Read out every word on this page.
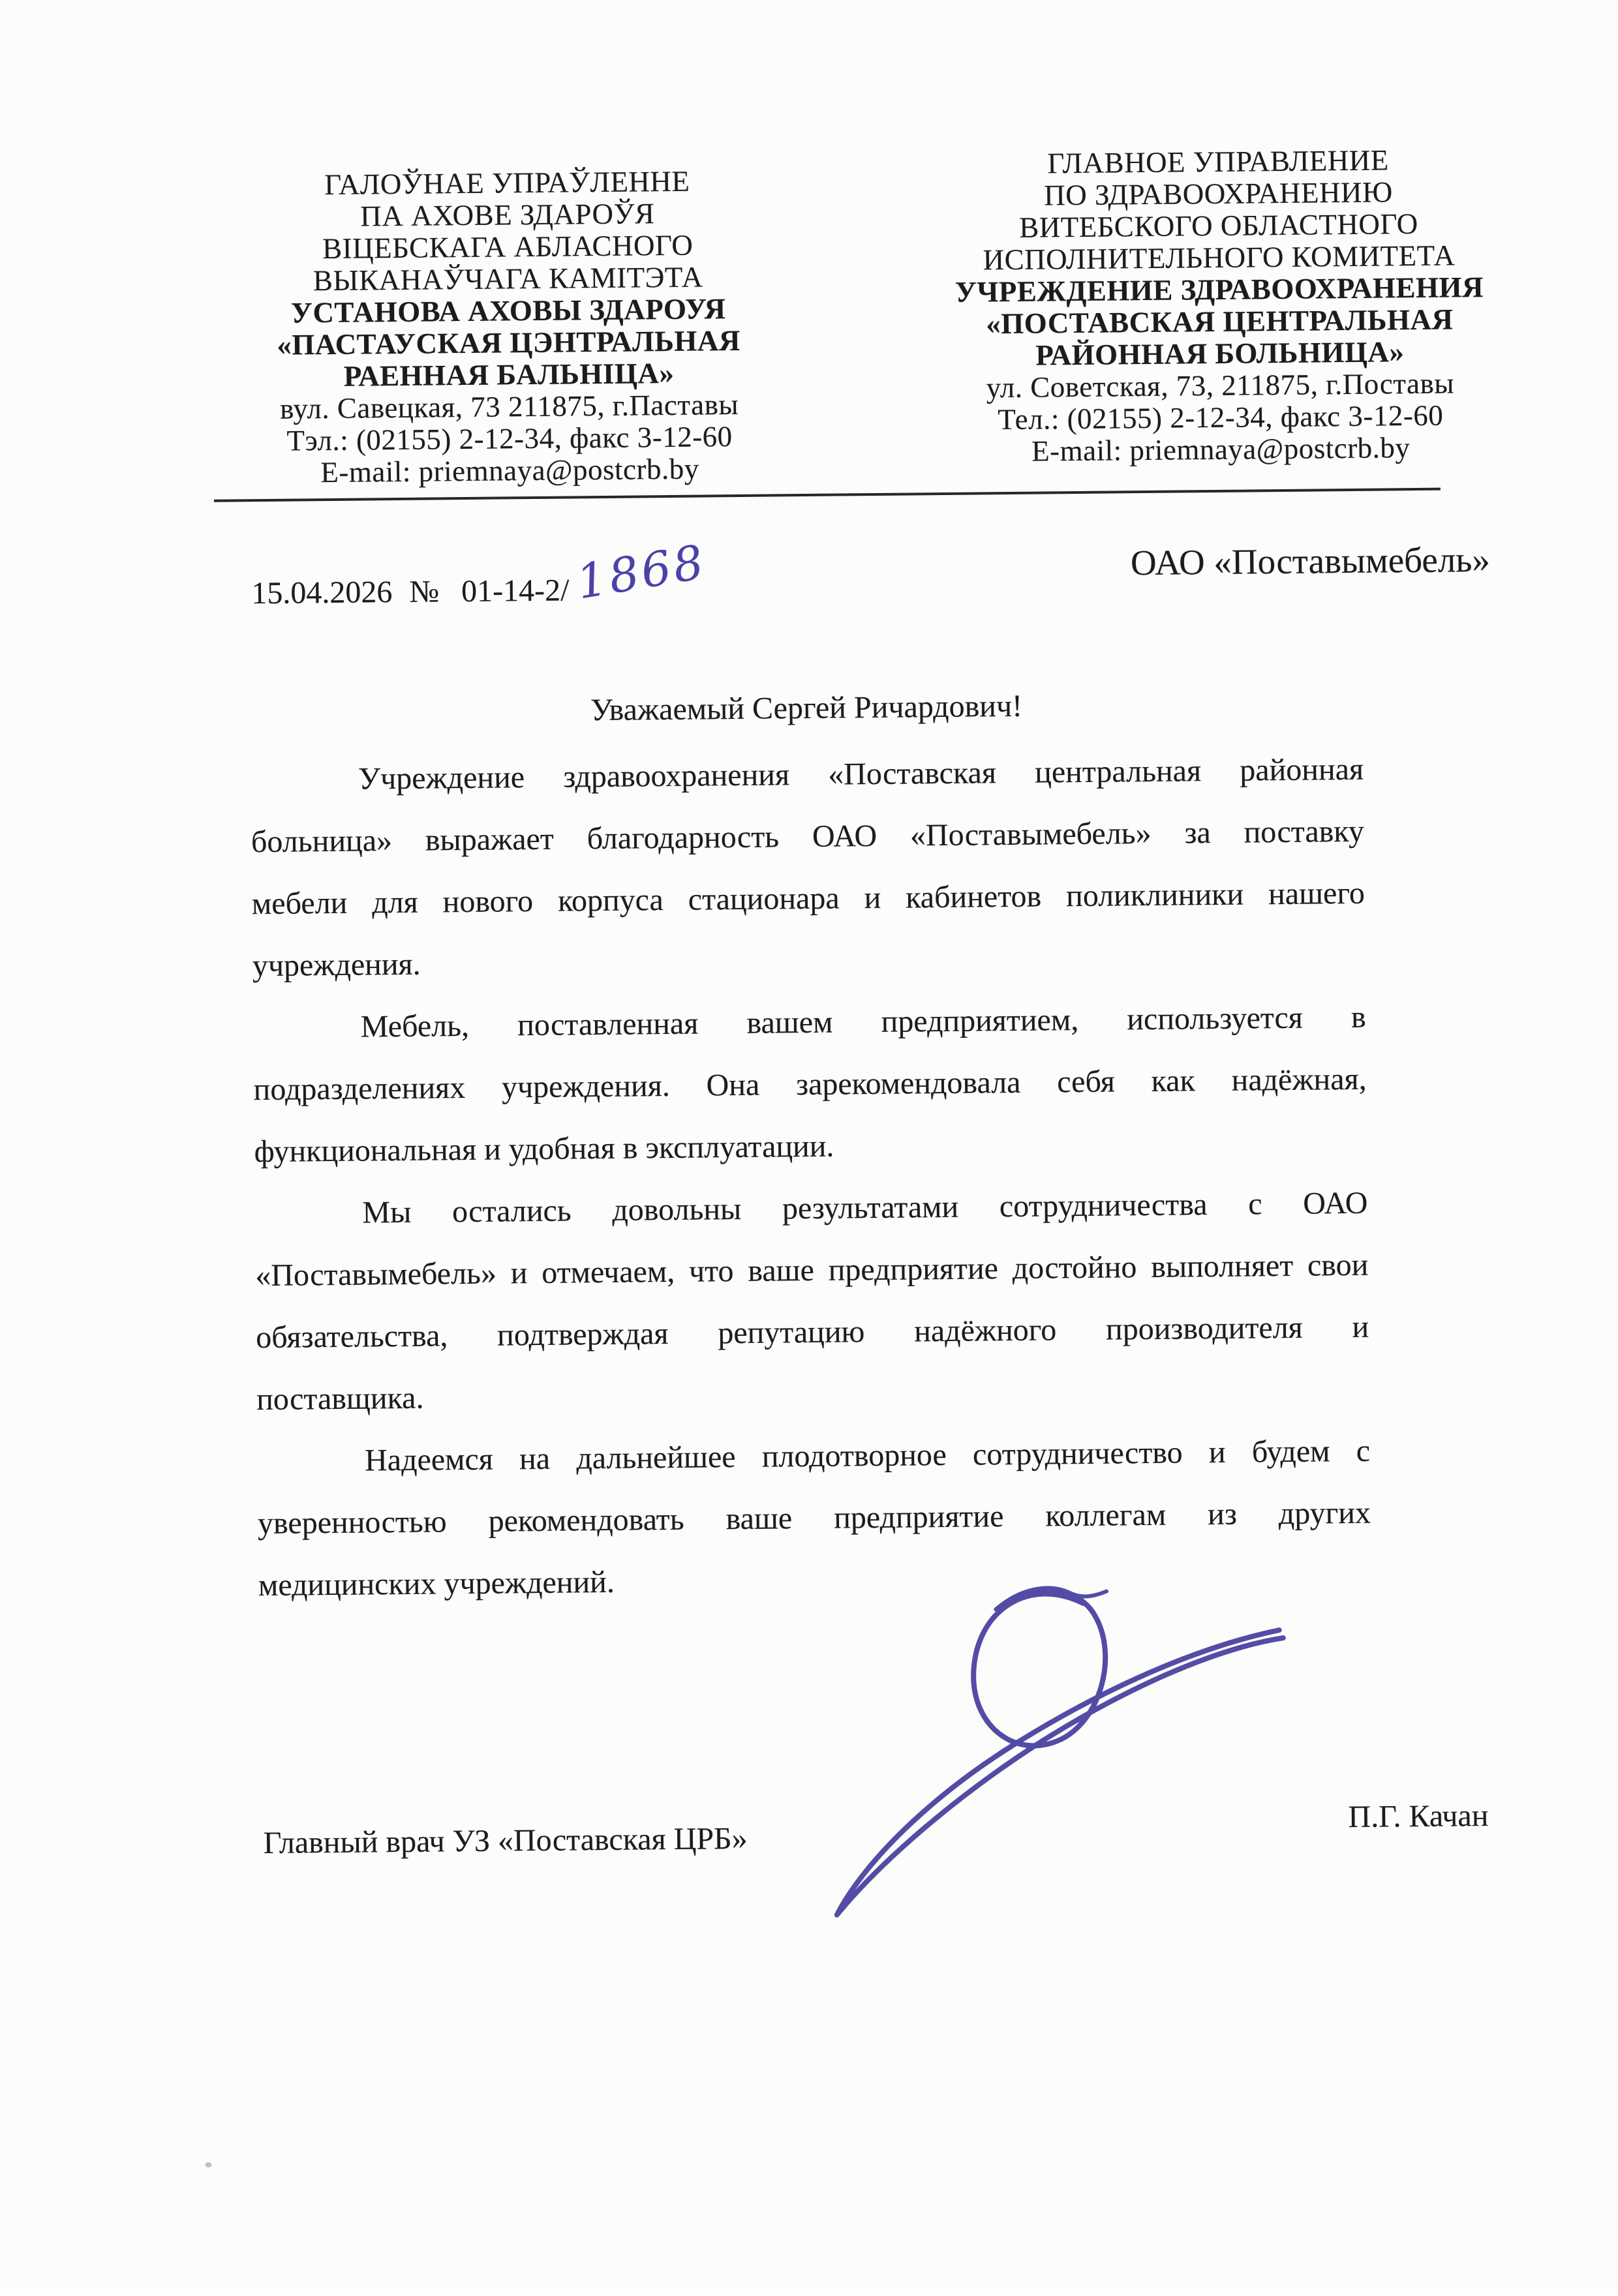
ГАЛОЎНАЕ УПРАЎЛЕННЕ
ПА АХОВЕ ЗДАРОЎЯ
ВІЦЕБСКАГА АБЛАСНОГО
ВЫКАНАЎЧАГА КАМІТЭТА
УСТАНОВА АХОВЫ ЗДАРОУЯ
«ПАСТАУСКАЯ ЦЭНТРАЛЬНАЯ
РАЕННАЯ БАЛЬНІЦА»
вул. Савецкая, 73 211875, г.Паставы
Тэл.: (02155) 2-12-34, факс 3-12-60
E-mail: priemnaya@postcrb.by
ГЛАВНОЕ УПРАВЛЕНИЕ
ПО ЗДРАВООХРАНЕНИЮ
ВИТЕБСКОГО ОБЛАСТНОГО
ИСПОЛНИТЕЛЬНОГО КОМИТЕТА
УЧРЕЖДЕНИЕ ЗДРАВООХРАНЕНИЯ
«ПОСТАВСКАЯ ЦЕНТРАЛЬНАЯ
РАЙОННАЯ БОЛЬНИЦА»
ул. Советская, 73, 211875, г.Поставы
Тел.: (02155) 2-12-34, факс 3-12-60
E-mail: priemnaya@postcrb.by
15.04.2026 № 01-14-2/1868	ОАО «Поставымебель»
Уважаемый Сергей Ричардович!
Учреждение здравоохранения «Поставская центральная районная
больница» выражает благодарность ОАО «Поставымебель» за поставку
мебели для нового корпуса стационара и кабинетов поликлиники нашего
учреждения.
Мебель, поставленная вашем предприятием, используется в
подразделениях учреждения. Она зарекомендовала себя как надёжная,
функциональная и удобная в эксплуатации.
Мы остались довольны результатами сотрудничества с ОАО
«Поставымебель» и отмечаем, что ваше предприятие достойно выполняет свои
обязательства, подтверждая репутацию надёжного производителя и
поставщика.
Надеемся на дальнейшее плодотворное сотрудничество и будем с
уверенностью рекомендовать ваше предприятие коллегам из других
медицинских учреждений.
Главный врач УЗ «Поставская ЦРБ»
П.Г. Качан
